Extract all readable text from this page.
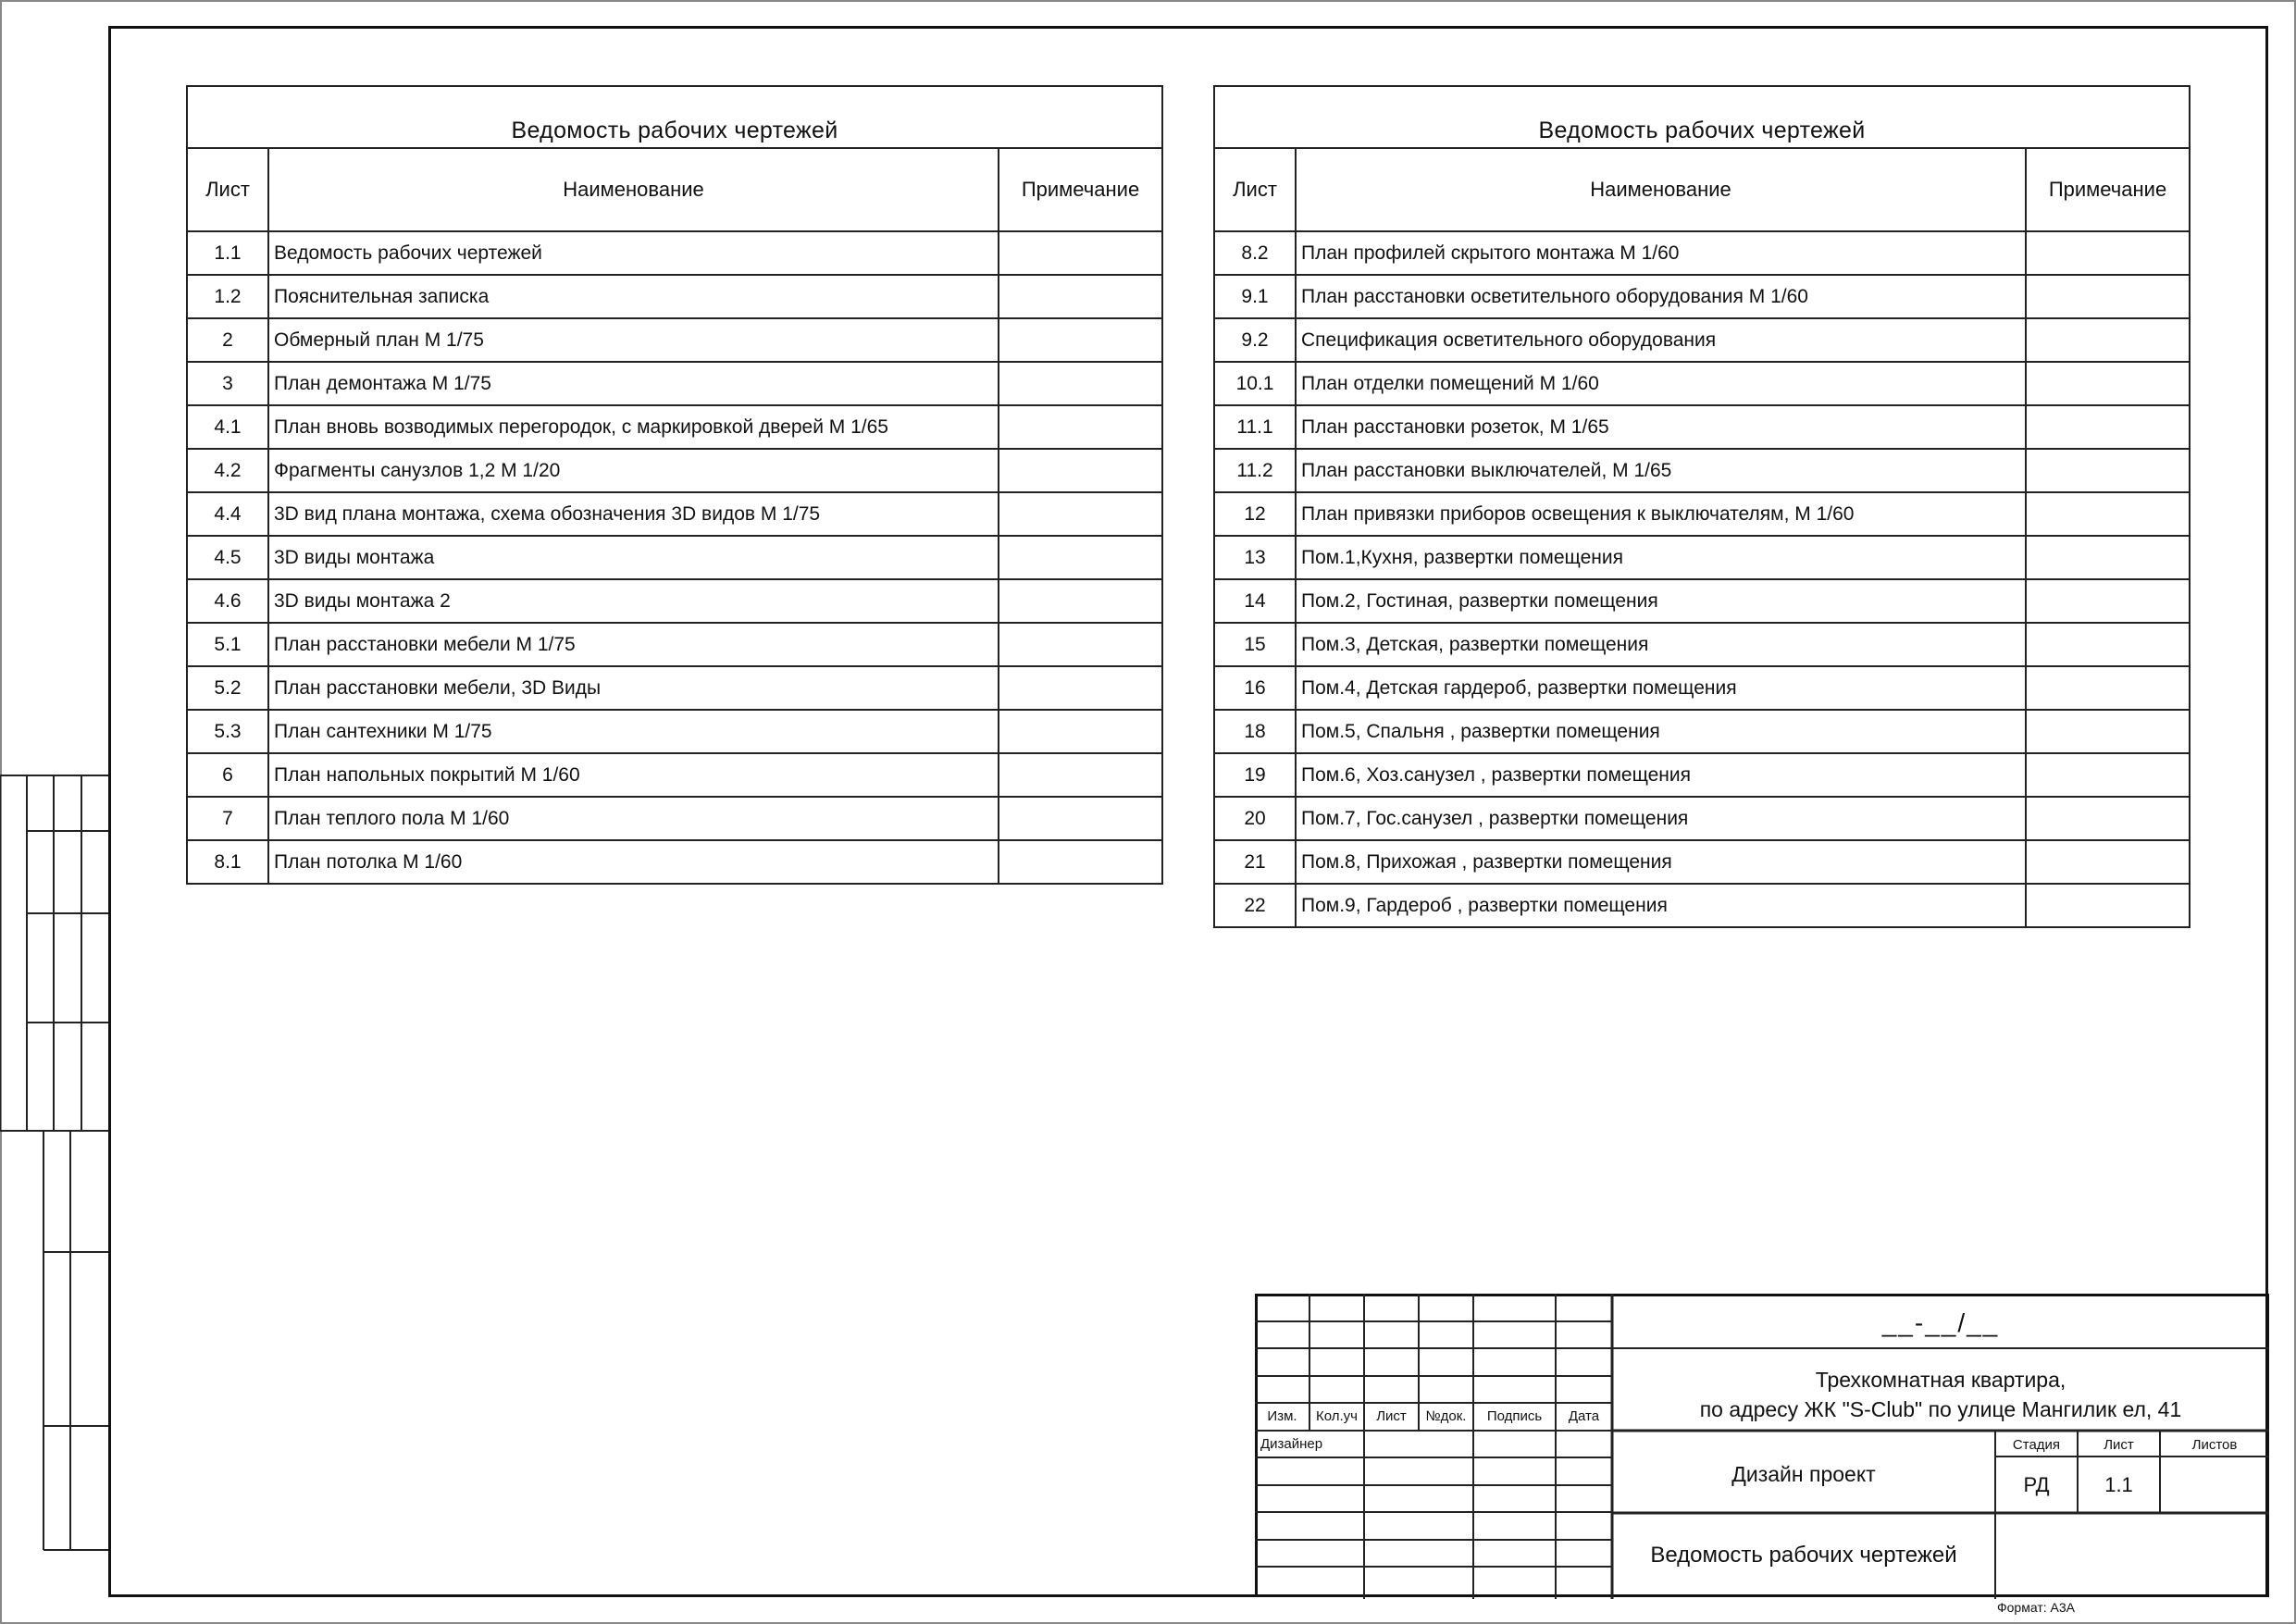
Ведомость рабочих чертежей		
Лист	Наименование	Примечание
1.1	Ведомость рабочих чертежей	
1.2	Пояснительная записка	
2	Обмерный план М 1/75	
3	План демонтажа М 1/75	
4.1	План вновь возводимых перегородок, с маркировкой дверей М 1/65	
4.2	Фрагменты санузлов 1,2 М 1/20	
4.4	3D вид плана монтажа, схема обозначения 3D видов М 1/75	
4.5	3D виды монтажа	
4.6	3D виды монтажа 2	
5.1	План расстановки мебели М 1/75	
5.2	План расстановки мебели, 3D Виды	
5.3	План сантехники М 1/75	
6	План напольных покрытий М 1/60	
7	План теплого пола М 1/60	
8.1	План потолка М 1/60	
Ведомость рабочих чертежей		
Лист	Наименование	Примечание
8.2	План профилей скрытого монтажа М 1/60	
9.1	План расстановки осветительного оборудования М 1/60	
9.2	Спецификация осветительного оборудования	
10.1	План отделки помещений М 1/60	
11.1	План расстановки розеток, М 1/65	
11.2	План расстановки выключателей, М 1/65	
12	План привязки приборов освещения к выключателям, М 1/60	
13	Пом.1,Кухня, развертки помещения	
14	Пом.2, Гостиная, развертки помещения	
15	Пом.3, Детская, развертки помещения	
16	Пом.4, Детская гардероб, развертки помещения	
18	Пом.5, Спальня , развертки помещения	
19	Пом.6, Хоз.санузел , развертки помещения	
20	Пом.7, Гос.санузел , развертки помещения	
21	Пом.8, Прихожая , развертки помещения	
22	Пом.9, Гардероб , развертки помещения	
Изм.	Кол.уч	Лист	№док.	Подпись	Дата
Дизайнер
__-__/__
Трехкомнатная квартира,
по адресу ЖК "S-Club" по улице Мангилик ел, 41
Дизайн проект
Стадия	Лист	Листов
РД	1.1
Ведомость рабочих чертежей
Формат: А3А
